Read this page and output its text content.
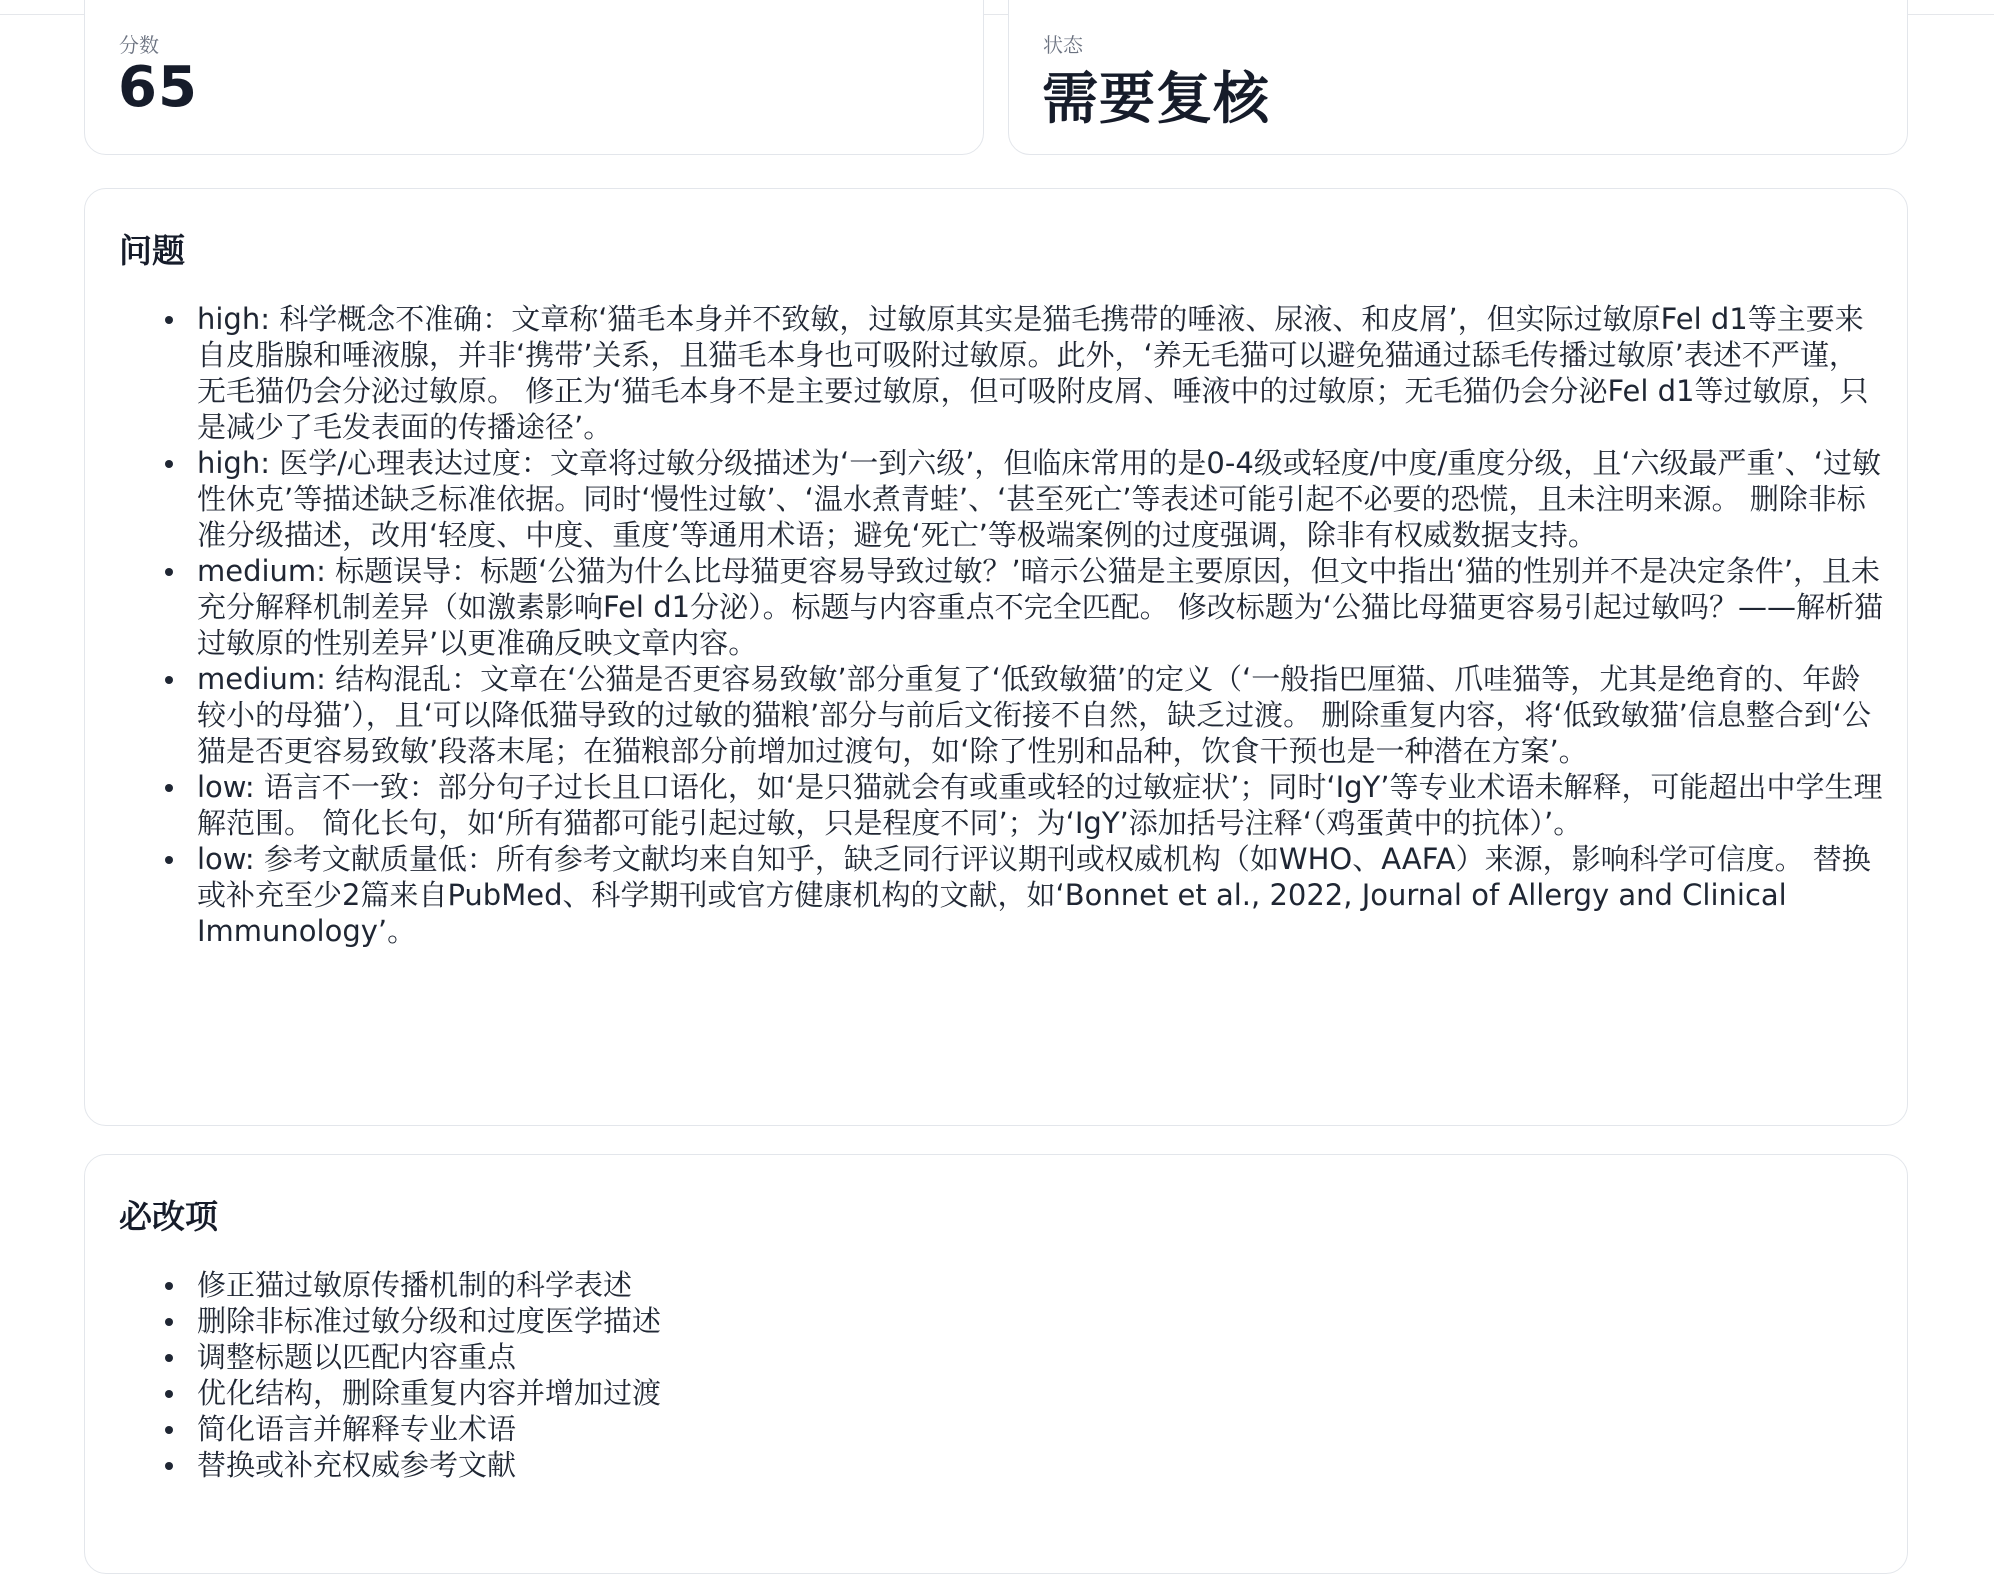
分数
65
状态
需要复核
问题
high: 科学概念不准确：文章称‘猫毛本身并不致敏，过敏原其实是猫毛携带的唾液、尿液、和皮屑’，但实际过敏原Fel d1等主要来自皮脂腺和唾液腺，并非‘携带’关系，且猫毛本身也可吸附过敏原。此外，‘养无毛猫可以避免猫通过舔毛传播过敏原’表述不严谨，无毛猫仍会分泌过敏原。 修正为‘猫毛本身不是主要过敏原，但可吸附皮屑、唾液中的过敏原；无毛猫仍会分泌Fel d1等过敏原，只是减少了毛发表面的传播途径’。
high: 医学/心理表达过度：文章将过敏分级描述为‘一到六级’，但临床常用的是0-4级或轻度/中度/重度分级，且‘六级最严重’、‘过敏性休克’等描述缺乏标准依据。同时‘慢性过敏’、‘温水煮青蛙’、‘甚至死亡’等表述可能引起不必要的恐慌，且未注明来源。 删除非标准分级描述，改用‘轻度、中度、重度’等通用术语；避免‘死亡’等极端案例的过度强调，除非有权威数据支持。
medium: 标题误导：标题‘公猫为什么比母猫更容易导致过敏？’暗示公猫是主要原因，但文中指出‘猫的性别并不是决定条件’，且未充分解释机制差异（如激素影响Fel d1分泌）。标题与内容重点不完全匹配。 修改标题为‘公猫比母猫更容易引起过敏吗？——解析猫过敏原的性别差异’以更准确反映文章内容。
medium: 结构混乱：文章在‘公猫是否更容易致敏’部分重复了‘低致敏猫’的定义（‘一般指巴厘猫、爪哇猫等，尤其是绝育的、年龄较小的母猫’），且‘可以降低猫导致的过敏的猫粮’部分与前后文衔接不自然，缺乏过渡。 删除重复内容，将‘低致敏猫’信息整合到‘公猫是否更容易致敏’段落末尾；在猫粮部分前增加过渡句，如‘除了性别和品种，饮食干预也是一种潜在方案’。
low: 语言不一致：部分句子过长且口语化，如‘是只猫就会有或重或轻的过敏症状’；同时‘IgY’等专业术语未解释，可能超出中学生理解范围。 简化长句，如‘所有猫都可能引起过敏，只是程度不同’；为‘IgY’添加括号注释‘（鸡蛋黄中的抗体）’。
low: 参考文献质量低：所有参考文献均来自知乎，缺乏同行评议期刊或权威机构（如WHO、AAFA）来源，影响科学可信度。 替换或补充至少2篇来自PubMed、科学期刊或官方健康机构的文献，如‘Bonnet et al., 2022, Journal of Allergy and Clinical Immunology’。
必改项
修正猫过敏原传播机制的科学表述
删除非标准过敏分级和过度医学描述
调整标题以匹配内容重点
优化结构，删除重复内容并增加过渡
简化语言并解释专业术语
替换或补充权威参考文献
